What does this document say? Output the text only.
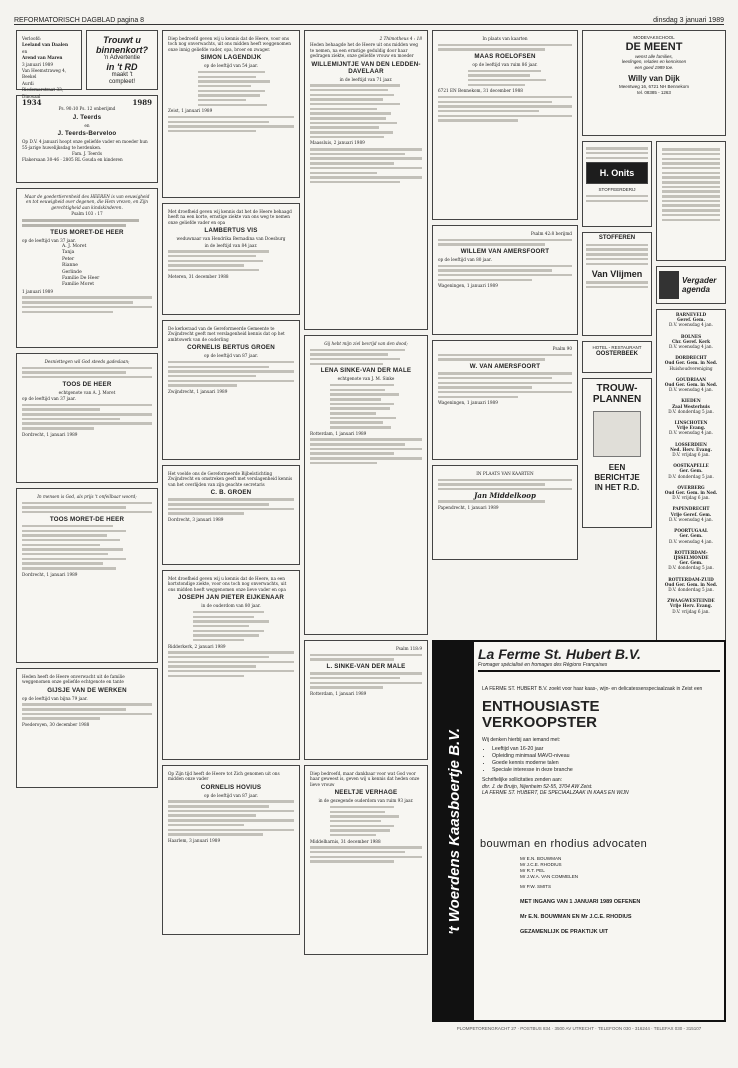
REFORMATORISCH DAGBLAD pagina 8	dinsdag 3 januari 1989

Verloofd:

Leeland van Daalen

en

Arend van Maren

3 januari 1989

Van Heemstraweg 4,

Beekel

Aurdi

Riedemarstraat 33,

Dinosaal

Trouwt u
binnenkort?
'n Advertentie
in 't RD
maakt 't
compleet!
1934	1989

Ps. 90:10 Ps. 12 onberijmd

J. Teerds

en

J. Teerds-Berveloo

Op D.V. 4 januari hoopt onze geliefde vader en moeder hun 55-jarige huwelijksdag te herdenken.

Fam. J. Teerds

Flakersaan 30-46 · 2805 RL Gouda en kinderen

Maar de goedertierenheid des HEEREN is van eeuwigheid en tot eeuwigheid over degenen, die Hem vrezen, en Zijn gerechtigheid aan kindskinderen.

Psalm 103 : 17

TEUS MORET-DE HEER

op de leeftijd van 37 jaar.

A. J. Moret
Tanja
Peter
Rianne
Gerlinde
Familie De Heer
Familie Moret

1 januari 1989

Desniettegen wil God steeds gadeslaan;

TOOS DE HEER

echtgenote van A. J. Moret

op de leeftijd van 37 jaar.

Dordrecht, 1 januari 1989

In mensen is God, als prijs 't onfeilbaar woord;

TOOS MORET-DE HEER

Dordrecht, 1 januari 1989

Heden heeft de Heere onverwacht uit de familie weggenomen onze geliefde echtgenote en tante

GIJSJE VAN DE WERKEN

op de leeftijd van bijna 79 jaar.

Poederoyen, 30 december 1988

Diep bedroefd geven wij u kennis dat de Heere, voor ons toch nog onverwachts, uit ons midden heeft weggenomen onze innig geliefde vader, opa, broer en zwager.

SIMON LAGENDIJK

op de leeftijd van 54 jaar.

Zeist, 1 januari 1989

Met droefheid geven wij kennis dat het de Heere behaagd heeft na een korte, ernstige ziekte van ons weg te nemen onze geliefde vader en opa

LAMBERTUS VIS

weduwnaar van Hendrika Bernadina van Doesburg

in de leeftijd van 84 jaar.

Meteren, 31 december 1988

De kerkeraad van de Gereformeerde Gemeente te Zwijndrecht geeft met verslagenheid kennis dat op het ambtswerk van de ouderling

CORNELIS BERTUS GROEN

op de leeftijd van 87 jaar.

Zwijndrecht, 1 januari 1989

Het voelde ons de Gereformeerde Bijbelstichting Zwijndrecht en omstreken geeft met verslagenheid kennis van het overlijden van zijn geachte secretaris

C. B. GROEN

Dordrecht, 3 januari 1989

Met droefheid geven wij u kennis dat de Heere, na een kortstondige ziekte, voor ons toch nog onverwachts, uit ons midden heeft weggenomen onze lieve vader en opa

JOSEPH JAN PIETER EIJKENAAR

in de ouderdom van 80 jaar.

Ridderkerk, 2 januari 1989

Op Zijn tijd heeft de Heere tot Zich genomen uit ons midden onze vader

CORNELIS HOVIUS

op de leeftijd van 87 jaar.

Haarlem, 3 januari 1989

2 Thimotheus 4 : 18

Heden behaagde het de Heere uit ons midden weg te nemen, na een ernstige geduldig door haar gedragen ziekte, onze geliefde vrouw en moeder

WILLEMIJNTJE VAN DEN LEDDEN-DAVELAAR

in de leeftijd van 71 jaar.

Maassluis, 2 januari 1989

Gij hebt mijn ziel bevrijd van den dood;

LENA SINKE-VAN DER MALE

echtgenote van J. M. Sinke

Rotterdam, 1 januari 1989

Psalm 118:9

L. SINKE-VAN DER MALE

Rotterdam, 1 januari 1989

Diep bedroefd, maar dankbaar voor wat God voor haar geweest is, geven wij u kennis dat heden onze lieve vrouw

NEELTJE VERHAGE

in de gezegende ouderdom van ruim 93 jaar.

Middelharnis, 31 december 1988

In plaats van kaarten

MAAS ROELOFSEN

op de leeftijd van ruim 86 jaar.

6721 EN Bennekom, 31 december 1988

Psalm 42:8 berijmd

WILLEM VAN AMERSFOORT

op de leeftijd van 80 jaar.

Wageningen, 1 januari 1989

Psalm 90

W. VAN AMERSFOORT

Wageningen, 1 januari 1989

IN PLAATS VAN KAARTEN

Jan Middelkoop

Papendrecht, 1 januari 1989

MODEVAKSCHOOL
DE MEENT
wenst alle families,
leerlingen, relaties en kennissen
een goed 1989 toe.
Willy van Dijk
Meentweg 16, 6721 NH Bennekom
tel. 08385 - 1263
H. Onits
STOFFEERDERIJ
STOFFEREN
Van Vlijmen
HOTEL - RESTAURANT
OOSTERBEEK
TROUW-
PLANNEN
EEN
BERICHTJE
IN HET R.D.
Vergader
agenda
BARNEVELD
Geref. Gem.
D.V. woensdag 4 jan.
BOLNES
Chr. Geref. Kerk
D.V. woensdag 4 jan.
DORDRECHT
Oud Ger. Gem. in Ned.
Huishoudvereniging
GOUDRIAAN
Oud Ger. Gem. in Ned.
D.V. woensdag 4 jan.
KIEDEN
Zaal Westerhuis
D.V. donderdag 5 jan.
LINSCHOTEN
Vrije Evang.
D.V. woensdag 4 jan.
LOSSERDIEN
Ned. Herv. Evang.
D.V. vrijdag 6 jan.
OOSTKAPELLE
Ger. Gem.
D.V. donderdag 5 jan.
OVERBERG
Oud Ger. Gem. in Ned.
D.V. vrijdag 6 jan.
PAPENDRECHT
Vrije Geref. Gem.
D.V. woensdag 4 jan.
POORTUGAAL
Ger. Gem.
D.V. woensdag 4 jan.
ROTTERDAM-IJSSELMONDE
Ger. Gem.
D.V. donderdag 5 jan.
ROTTERDAM-ZUID
Oud Ger. Gem. in Ned.
D.V. donderdag 5 jan.
ZWAAGWESTEINDE
Vrije Herv. Evang.
D.V. vrijdag 6 jan.
't Woerdens Kaasboertje B.V.
La Ferme St. Hubert B.V.
Fromager spécialisé en fromages des Régions Françaises
LA FERME ST. HUBERT B.V. zoekt voor haar kaas-, wijn- en delicatessenspeciaalzaak in Zeist een
ENTHOUSIASTE VERKOOPSTER
Wij denken hierbij aan iemand met:
• Leeftijd van 16-20 jaar
• Opleiding minimaal MAVO-niveau
• Goede kennis moderne talen
• Speciale interesse in deze branche
Schriftelijke sollicitaties zenden aan:
dhr. J. de Bruijn, Nijenheim 52-55, 3704 AW Zeist.
LA FERME ST. HUBERT, DE SPECIAALZAAK IN KAAS EN WIJN
bouwman en rhodius advocaten
Mr E.N. BOUWMAN
Mr J.C.E. RHODIUS
Mr R.T. PEL
Mr J.W.A. VAN COMMELEN
Mr P.W. SMITS
MET INGANG VAN 1 JANUARI 1989 OEFENEN
Mr E.N. BOUWMAN EN Mr J.C.E. RHODIUS
GEZAMENLIJK DE PRAKTIJK UIT
PLOMPETORENGRACHT 27 · POSTBUS 834 · 3500 AV UTRECHT · TELEFOON 030 - 316244 · TELEFAX 030 - 315107
